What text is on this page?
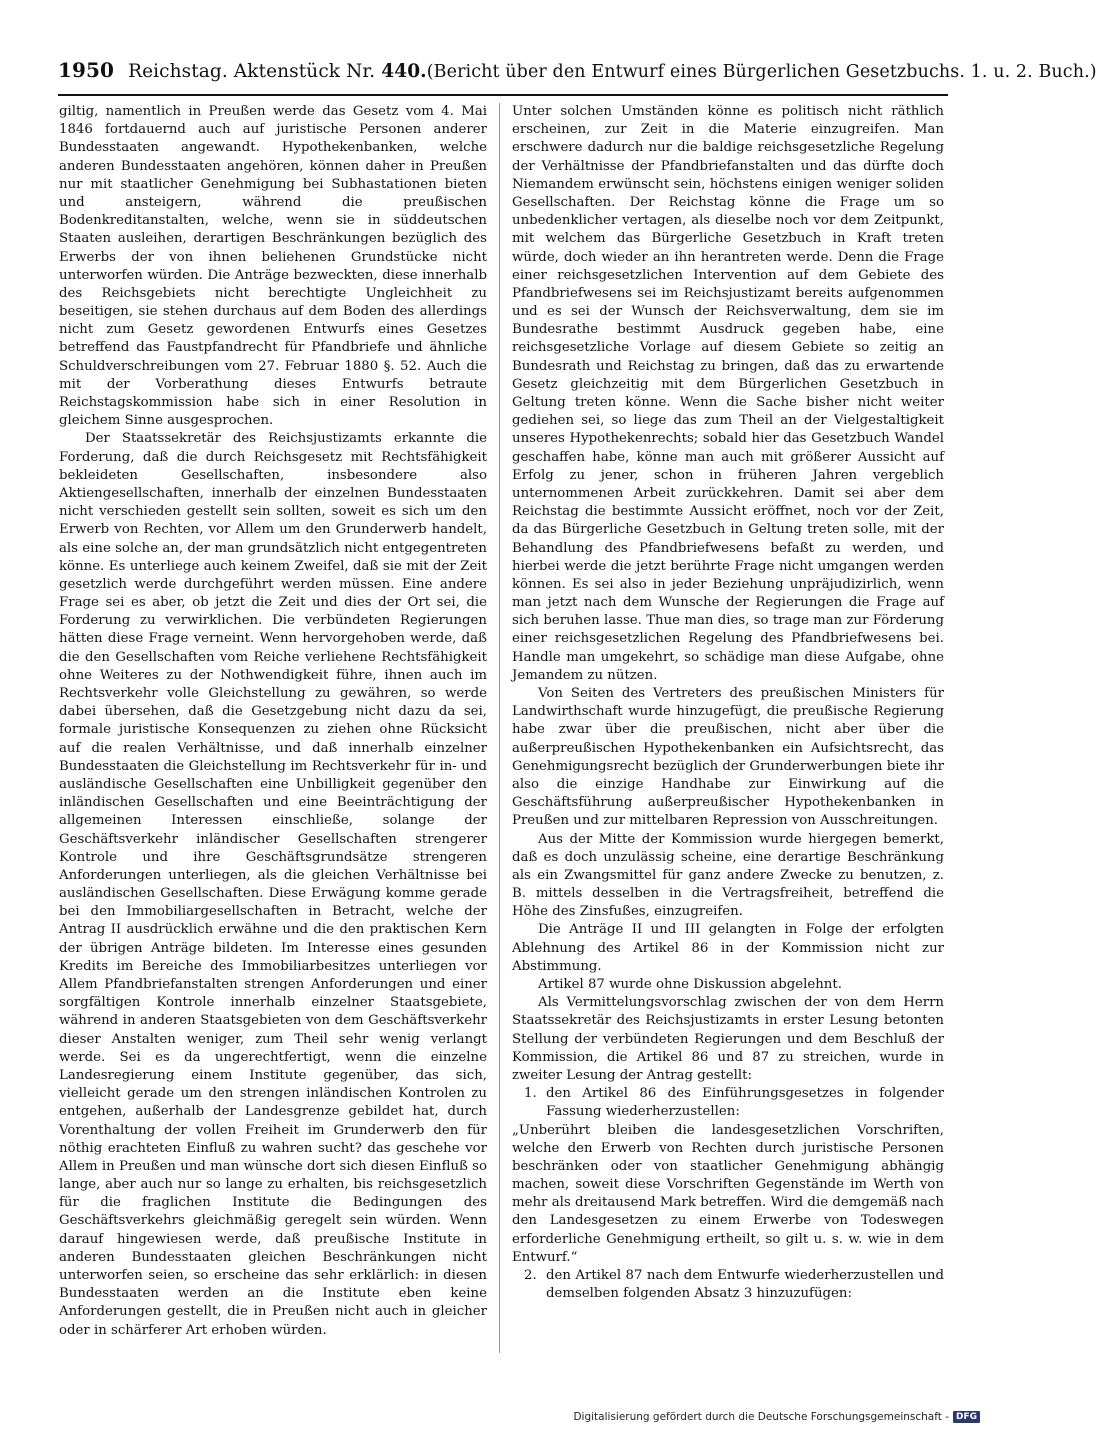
1950 Reichstag. Aktenstück Nr. 440. (Bericht über den Entwurf eines Bürgerlichen Gesetzbuchs. 1. u. 2. Buch.)

giltig, namentlich in Preußen werde das Gesetz vom 4. Mai 1846 fortdauernd auch auf juristische Personen anderer Bundesstaaten angewandt. Hypothekenbanken, welche anderen Bundesstaaten angehören, können daher in Preußen nur mit staatlicher Genehmigung bei Subhastationen bieten und ansteigern, während die preußischen Bodenkreditanstalten, welche, wenn sie in süddeutschen Staaten ausleihen, derartigen Beschränkungen bezüglich des Erwerbs der von ihnen beliehenen Grundstücke nicht unterworfen würden. Die Anträge bezweckten, diese innerhalb des Reichsgebiets nicht berechtigte Ungleichheit zu beseitigen, sie stehen durchaus auf dem Boden des allerdings nicht zum Gesetz gewordenen Entwurfs eines Gesetzes betreffend das Faustpfandrecht für Pfandbriefe und ähnliche Schuldverschreibungen vom 27. Februar 1880 §. 52. Auch die mit der Vorberathung dieses Entwurfs betraute Reichstagskommission habe sich in einer Resolution in gleichem Sinne ausgesprochen.

Der Staatssekretär des Reichsjustizamts erkannte die Forderung, daß die durch Reichsgesetz mit Rechtsfähigkeit bekleideten Gesellschaften, insbesondere also Aktiengesellschaften, innerhalb der einzelnen Bundesstaaten nicht verschieden gestellt sein sollten, soweit es sich um den Erwerb von Rechten, vor Allem um den Grunderwerb handelt, als eine solche an, der man grundsätzlich nicht entgegentreten könne. Es unterliege auch keinem Zweifel, daß sie mit der Zeit gesetzlich werde durchgeführt werden müssen. Eine andere Frage sei es aber, ob jetzt die Zeit und dies der Ort sei, die Forderung zu verwirklichen. Die verbündeten Regierungen hätten diese Frage verneint. Wenn hervorgehoben werde, daß die den Gesellschaften vom Reiche verliehene Rechtsfähigkeit ohne Weiteres zu der Nothwendigkeit führe, ihnen auch im Rechtsverkehr volle Gleichstellung zu gewähren, so werde dabei übersehen, daß die Gesetzgebung nicht dazu da sei, formale juristische Konsequenzen zu ziehen ohne Rücksicht auf die realen Verhältnisse, und daß innerhalb einzelner Bundesstaaten die Gleichstellung im Rechtsverkehr für in- und ausländische Gesellschaften eine Unbilligkeit gegenüber den inländischen Gesellschaften und eine Beeinträchtigung der allgemeinen Interessen einschließe, solange der Geschäftsverkehr inländischer Gesellschaften strengerer Kontrole und ihre Geschäftsgrundsätze strengeren Anforderungen unterliegen, als die gleichen Verhältnisse bei ausländischen Gesellschaften. Diese Erwägung komme gerade bei den Immobiliargesellschaften in Betracht, welche der Antrag II ausdrücklich erwähne und die den praktischen Kern der übrigen Anträge bildeten. Im Interesse eines gesunden Kredits im Bereiche des Immobiliarbesitzes unterliegen vor Allem Pfandbriefanstalten strengen Anforderungen und einer sorgfältigen Kontrole innerhalb einzelner Staatsgebiete, während in anderen Staatsgebieten von dem Geschäftsverkehr dieser Anstalten weniger, zum Theil sehr wenig verlangt werde. Sei es da ungerechtfertigt, wenn die einzelne Landesregierung einem Institute gegenüber, das sich, vielleicht gerade um den strengen inländischen Kontrolen zu entgehen, außerhalb der Landesgrenze gebildet hat, durch Vorenthaltung der vollen Freiheit im Grunderwerb den für nöthig erachteten Einfluß zu wahren sucht? das geschehe vor Allem in Preußen und man wünsche dort sich diesen Einfluß so lange, aber auch nur so lange zu erhalten, bis reichsgesetzlich für die fraglichen Institute die Bedingungen des Geschäftsverkehrs gleichmäßig geregelt sein würden. Wenn darauf hingewiesen werde, daß preußische Institute in anderen Bundesstaaten gleichen Beschränkungen nicht unterworfen seien, so erscheine das sehr erklärlich: in diesen Bundesstaaten werden an die Institute eben keine Anforderungen gestellt, die in Preußen nicht auch in gleicher oder in schärferer Art erhoben würden.

Unter solchen Umständen könne es politisch nicht räthlich erscheinen, zur Zeit in die Materie einzugreifen. Man erschwere dadurch nur die baldige reichsgesetzliche Regelung der Verhältnisse der Pfandbriefanstalten und das dürfte doch Niemandem erwünscht sein, höchstens einigen weniger soliden Gesellschaften. Der Reichstag könne die Frage um so unbedenklicher vertagen, als dieselbe noch vor dem Zeitpunkt, mit welchem das Bürgerliche Gesetzbuch in Kraft treten würde, doch wieder an ihn herantreten werde. Denn die Frage einer reichsgesetzlichen Intervention auf dem Gebiete des Pfandbriefwesens sei im Reichsjustizamt bereits aufgenommen und es sei der Wunsch der Reichsverwaltung, dem sie im Bundesrathe bestimmt Ausdruck gegeben habe, eine reichsgesetzliche Vorlage auf diesem Gebiete so zeitig an Bundesrath und Reichstag zu bringen, daß das zu erwartende Gesetz gleichzeitig mit dem Bürgerlichen Gesetzbuch in Geltung treten könne. Wenn die Sache bisher nicht weiter gediehen sei, so liege das zum Theil an der Vielgestaltigkeit unseres Hypothekenrechts; sobald hier das Gesetzbuch Wandel geschaffen habe, könne man auch mit größerer Aussicht auf Erfolg zu jener, schon in früheren Jahren vergeblich unternommenen Arbeit zurückkehren. Damit sei aber dem Reichstag die bestimmte Aussicht eröffnet, noch vor der Zeit, da das Bürgerliche Gesetzbuch in Geltung treten solle, mit der Behandlung des Pfandbriefwesens befaßt zu werden, und hierbei werde die jetzt berührte Frage nicht umgangen werden können. Es sei also in jeder Beziehung unpräjudizirlich, wenn man jetzt nach dem Wunsche der Regierungen die Frage auf sich beruhen lasse. Thue man dies, so trage man zur Förderung einer reichsgesetzlichen Regelung des Pfandbriefwesens bei. Handle man umgekehrt, so schädige man diese Aufgabe, ohne Jemandem zu nützen.

Von Seiten des Vertreters des preußischen Ministers für Landwirthschaft wurde hinzugefügt, die preußische Regierung habe zwar über die preußischen, nicht aber über die außerpreußischen Hypothekenbanken ein Aufsichtsrecht, das Genehmigungsrecht bezüglich der Grunderwerbungen biete ihr also die einzige Handhabe zur Einwirkung auf die Geschäftsführung außerpreußischer Hypothekenbanken in Preußen und zur mittelbaren Repression von Ausschreitungen.

Aus der Mitte der Kommission wurde hiergegen bemerkt, daß es doch unzulässig scheine, eine derartige Beschränkung als ein Zwangsmittel für ganz andere Zwecke zu benutzen, z. B. mittels desselben in die Vertragsfreiheit, betreffend die Höhe des Zinsfußes, einzugreifen.

Die Anträge II und III gelangten in Folge der erfolgten Ablehnung des Artikel 86 in der Kommission nicht zur Abstimmung.

Artikel 87 wurde ohne Diskussion abgelehnt.

Als Vermittelungsvorschlag zwischen der von dem Herrn Staatssekretär des Reichsjustizamts in erster Lesung betonten Stellung der verbündeten Regierungen und dem Beschluß der Kommission, die Artikel 86 und 87 zu streichen, wurde in zweiter Lesung der Antrag gestellt:

1. den Artikel 86 des Einführungsgesetzes in folgender Fassung wiederherzustellen:

„Unberührt bleiben die landesgesetzlichen Vorschriften, welche den Erwerb von Rechten durch juristische Personen beschränken oder von staatlicher Genehmigung abhängig machen, soweit diese Vorschriften Gegenstände im Werth von mehr als dreitausend Mark betreffen. Wird die demgemäß nach den Landesgesetzen zu einem Erwerbe von Todeswegen erforderliche Genehmigung ertheilt, so gilt u. s. w. wie in dem Entwurf.“

2. den Artikel 87 nach dem Entwurfe wiederherzustellen und demselben folgenden Absatz 3 hinzuzufügen:

Digitalisierung gefördert durch die Deutsche Forschungsgemeinschaft - DFG
